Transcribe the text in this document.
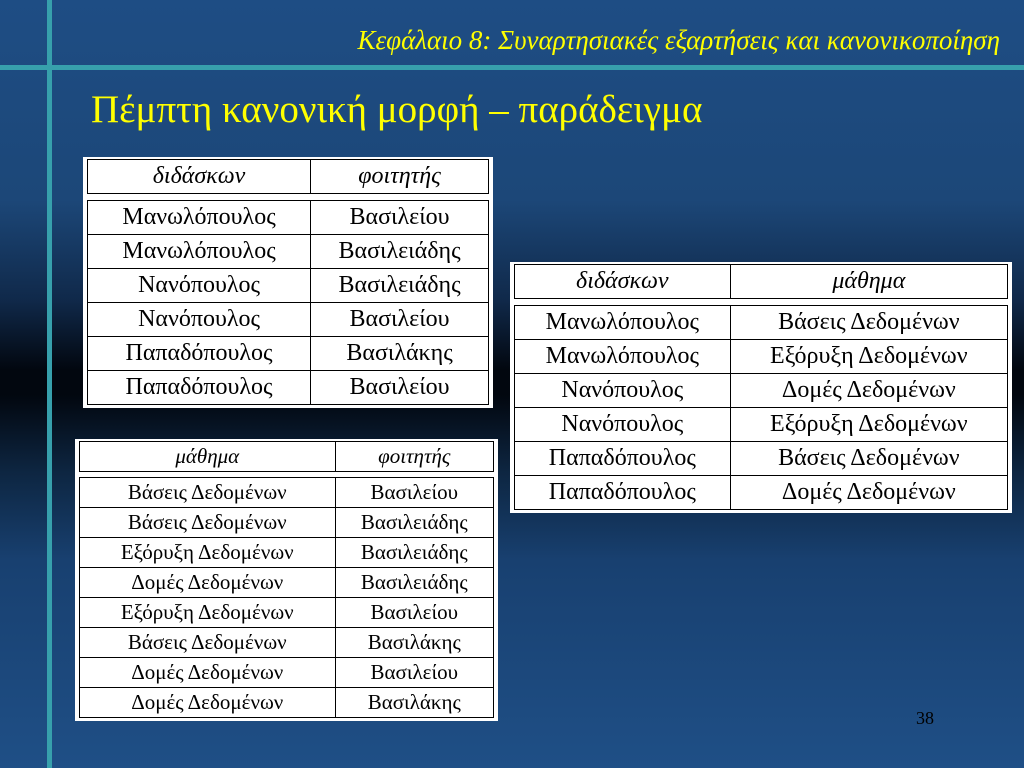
Κεφάλαιο 8: Συναρτησιακές εξαρτήσεις και κανονικοποίηση
Πέμπτη κανονική μορφή – παράδειγμα
διδάσκων	φοιτητής

Μανωλόπουλος	Βασιλείου
Μανωλόπουλος	Βασιλειάδης
Νανόπουλος	Βασιλειάδης
Νανόπουλος	Βασιλείου
Παπαδόπουλος	Βασιλάκης
Παπαδόπουλος	Βασιλείου
διδάσκων	μάθημα

Μανωλόπουλος	Βάσεις Δεδομένων
Μανωλόπουλος	Εξόρυξη Δεδομένων
Νανόπουλος	Δομές Δεδομένων
Νανόπουλος	Εξόρυξη Δεδομένων
Παπαδόπουλος	Βάσεις Δεδομένων
Παπαδόπουλος	Δομές Δεδομένων
μάθημα	φοιτητής

Βάσεις Δεδομένων	Βασιλείου
Βάσεις Δεδομένων	Βασιλειάδης
Εξόρυξη Δεδομένων	Βασιλειάδης
Δομές Δεδομένων	Βασιλειάδης
Εξόρυξη Δεδομένων	Βασιλείου
Βάσεις Δεδομένων	Βασιλάκης
Δομές Δεδομένων	Βασιλείου
Δομές Δεδομένων	Βασιλάκης
38
